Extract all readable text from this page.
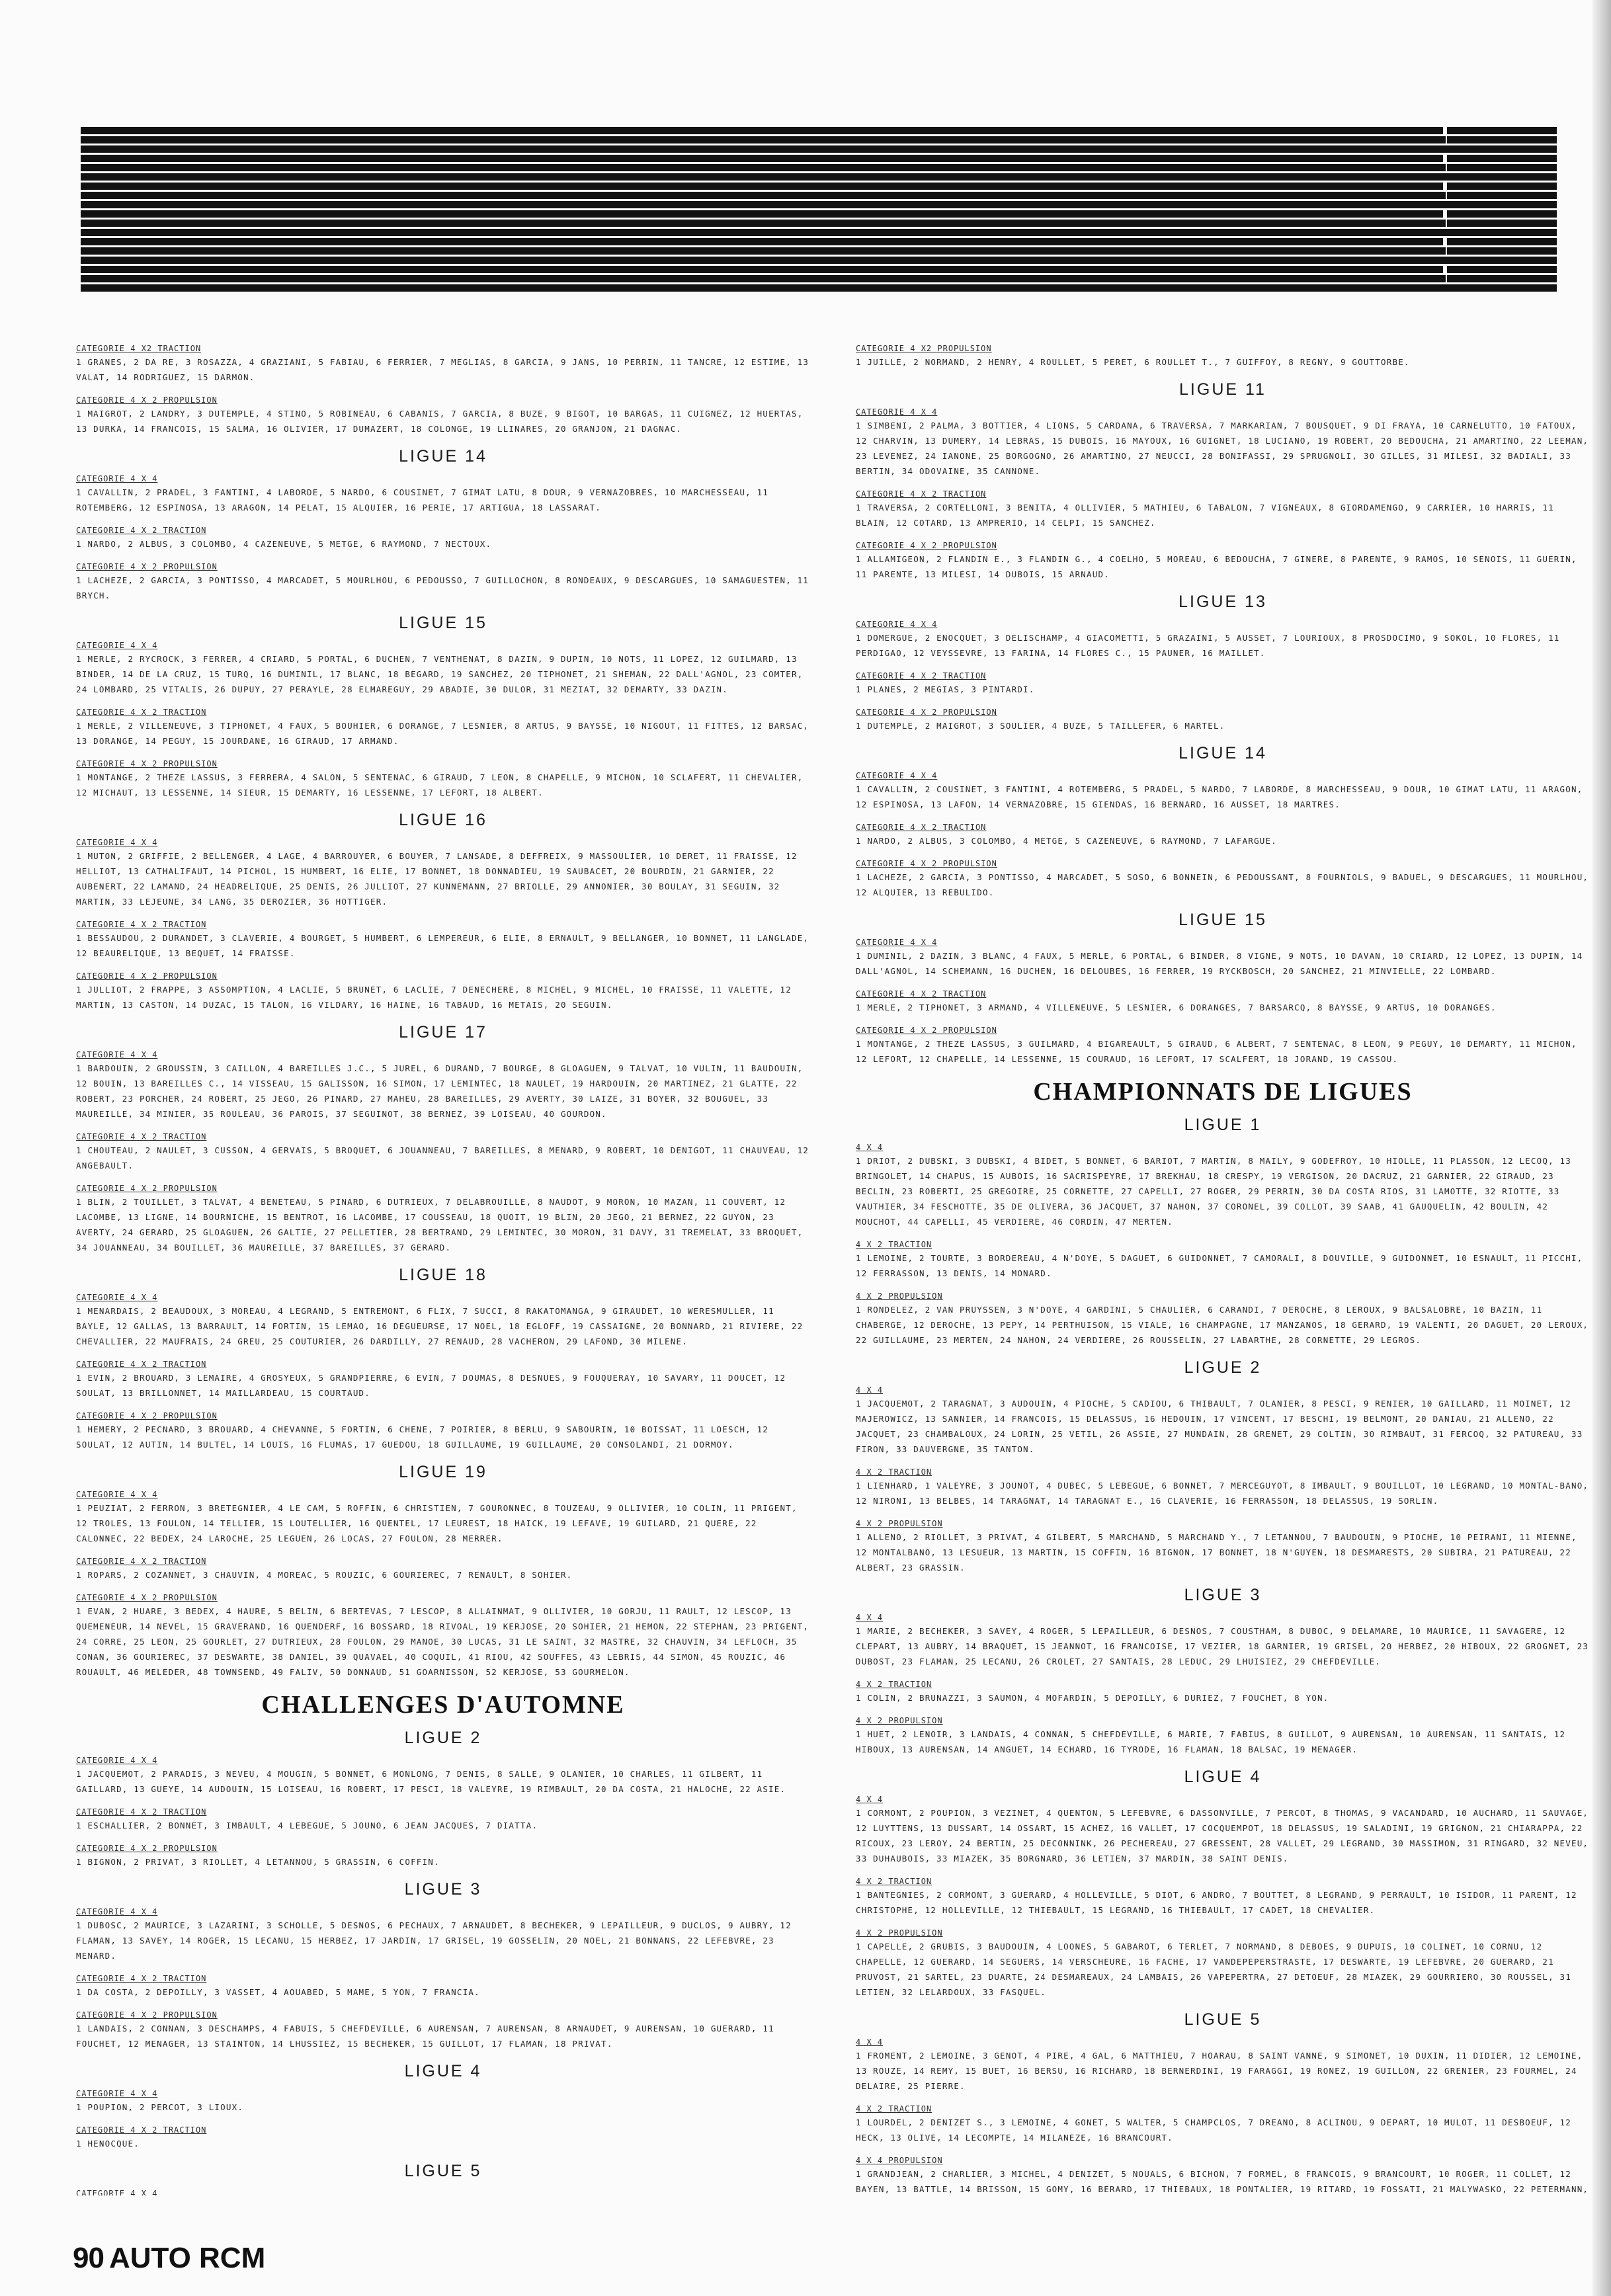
CATEGORIE 4 X2 TRACTION

1 GRANES, 2 DA RE, 3 ROSAZZA, 4 GRAZIANI, 5 FABIAU, 6 FERRIER, 7 MEGLIAS, 8 GARCIA, 9 JANS, 10 PERRIN, 11 TANCRE, 12 ESTIME, 13 VALAT, 14 RODRIGUEZ, 15 DARMON.

CATEGORIE 4 X 2 PROPULSION

1 MAIGROT, 2 LANDRY, 3 DUTEMPLE, 4 STINO, 5 ROBINEAU, 6 CABANIS, 7 GARCIA, 8 BUZE, 9 BIGOT, 10 BARGAS, 11 CUIGNEZ, 12 HUERTAS, 13 DURKA, 14 FRANCOIS, 15 SALMA, 16 OLIVIER, 17 DUMAZERT, 18 COLONGE, 19 LLINARES, 20 GRANJON, 21 DAGNAC.

LIGUE 14
CATEGORIE 4 X 4

1 CAVALLIN, 2 PRADEL, 3 FANTINI, 4 LABORDE, 5 NARDO, 6 COUSINET, 7 GIMAT LATU, 8 DOUR, 9 VERNAZOBRES, 10 MARCHESSEAU, 11 ROTEMBERG, 12 ESPINOSA, 13 ARAGON, 14 PELAT, 15 ALQUIER, 16 PERIE, 17 ARTIGUA, 18 LASSARAT.

CATEGORIE 4 X 2 TRACTION

1 NARDO, 2 ALBUS, 3 COLOMBO, 4 CAZENEUVE, 5 METGE, 6 RAYMOND, 7 NECTOUX.

CATEGORIE 4 X 2 PROPULSION

1 LACHEZE, 2 GARCIA, 3 PONTISSO, 4 MARCADET, 5 MOURLHOU, 6 PEDOUSSO, 7 GUILLOCHON, 8 RONDEAUX, 9 DESCARGUES, 10 SAMAGUESTEN, 11 BRYCH.

LIGUE 15
CATEGORIE 4 X 4

1 MERLE, 2 RYCROCK, 3 FERRER, 4 CRIARD, 5 PORTAL, 6 DUCHEN, 7 VENTHENAT, 8 DAZIN, 9 DUPIN, 10 NOTS, 11 LOPEZ, 12 GUILMARD, 13 BINDER, 14 DE LA CRUZ, 15 TURQ, 16 DUMINIL, 17 BLANC, 18 BEGARD, 19 SANCHEZ, 20 TIPHONET, 21 SHEMAN, 22 DALL'AGNOL, 23 COMTER, 24 LOMBARD, 25 VITALIS, 26 DUPUY, 27 PERAYLE, 28 ELMAREGUY, 29 ABADIE, 30 DULOR, 31 MEZIAT, 32 DEMARTY, 33 DAZIN.

CATEGORIE 4 X 2 TRACTION

1 MERLE, 2 VILLENEUVE, 3 TIPHONET, 4 FAUX, 5 BOUHIER, 6 DORANGE, 7 LESNIER, 8 ARTUS, 9 BAYSSE, 10 NIGOUT, 11 FITTES, 12 BARSAC, 13 DORANGE, 14 PEGUY, 15 JOURDANE, 16 GIRAUD, 17 ARMAND.

CATEGORIE 4 X 2 PROPULSION

1 MONTANGE, 2 THEZE LASSUS, 3 FERRERA, 4 SALON, 5 SENTENAC, 6 GIRAUD, 7 LEON, 8 CHAPELLE, 9 MICHON, 10 SCLAFERT, 11 CHEVALIER, 12 MICHAUT, 13 LESSENNE, 14 SIEUR, 15 DEMARTY, 16 LESSENNE, 17 LEFORT, 18 ALBERT.

LIGUE 16
CATEGORIE 4 X 4

1 MUTON, 2 GRIFFIE, 2 BELLENGER, 4 LAGE, 4 BARROUYER, 6 BOUYER, 7 LANSADE, 8 DEFFREIX, 9 MASSOULIER, 10 DERET, 11 FRAISSE, 12 HELLIOT, 13 CATHALIFAUT, 14 PICHOL, 15 HUMBERT, 16 ELIE, 17 BONNET, 18 DONNADIEU, 19 SAUBACET, 20 BOURDIN, 21 GARNIER, 22 AUBENERT, 22 LAMAND, 24 HEADRELIQUE, 25 DENIS, 26 JULLIOT, 27 KUNNEMANN, 27 BRIOLLE, 29 ANNONIER, 30 BOULAY, 31 SEGUIN, 32 MARTIN, 33 LEJEUNE, 34 LANG, 35 DEROZIER, 36 HOTTIGER.

CATEGORIE 4 X 2 TRACTION

1 BESSAUDOU, 2 DURANDET, 3 CLAVERIE, 4 BOURGET, 5 HUMBERT, 6 LEMPEREUR, 6 ELIE, 8 ERNAULT, 9 BELLANGER, 10 BONNET, 11 LANGLADE, 12 BEAURELIQUE, 13 BEQUET, 14 FRAISSE.

CATEGORIE 4 X 2 PROPULSION

1 JULLIOT, 2 FRAPPE, 3 ASSOMPTION, 4 LACLIE, 5 BRUNET, 6 LACLIE, 7 DENECHERE, 8 MICHEL, 9 MICHEL, 10 FRAISSE, 11 VALETTE, 12 MARTIN, 13 CASTON, 14 DUZAC, 15 TALON, 16 VILDARY, 16 HAINE, 16 TABAUD, 16 METAIS, 20 SEGUIN.

LIGUE 17
CATEGORIE 4 X 4

1 BARDOUIN, 2 GROUSSIN, 3 CAILLON, 4 BAREILLES J.C., 5 JUREL, 6 DURAND, 7 BOURGE, 8 GLOAGUEN, 9 TALVAT, 10 VULIN, 11 BAUDOUIN, 12 BOUIN, 13 BAREILLES C., 14 VISSEAU, 15 GALISSON, 16 SIMON, 17 LEMINTEC, 18 NAULET, 19 HARDOUIN, 20 MARTINEZ, 21 GLATTE, 22 ROBERT, 23 PORCHER, 24 ROBERT, 25 JEGO, 26 PINARD, 27 MAHEU, 28 BAREILLES, 29 AVERTY, 30 LAIZE, 31 BOYER, 32 BOUGUEL, 33 MAUREILLE, 34 MINIER, 35 ROULEAU, 36 PAROIS, 37 SEGUINOT, 38 BERNEZ, 39 LOISEAU, 40 GOURDON.

CATEGORIE 4 X 2 TRACTION

1 CHOUTEAU, 2 NAULET, 3 CUSSON, 4 GERVAIS, 5 BROQUET, 6 JOUANNEAU, 7 BAREILLES, 8 MENARD, 9 ROBERT, 10 DENIGOT, 11 CHAUVEAU, 12 ANGEBAULT.

CATEGORIE 4 X 2 PROPULSION

1 BLIN, 2 TOUILLET, 3 TALVAT, 4 BENETEAU, 5 PINARD, 6 DUTRIEUX, 7 DELABROUILLE, 8 NAUDOT, 9 MORON, 10 MAZAN, 11 COUVERT, 12 LACOMBE, 13 LIGNE, 14 BOURNICHE, 15 BENTROT, 16 LACOMBE, 17 COUSSEAU, 18 QUOIT, 19 BLIN, 20 JEGO, 21 BERNEZ, 22 GUYON, 23 AVERTY, 24 GERARD, 25 GLOAGUEN, 26 GALTIE, 27 PELLETIER, 28 BERTRAND, 29 LEMINTEC, 30 MORON, 31 DAVY, 31 TREMELAT, 33 BROQUET, 34 JOUANNEAU, 34 BOUILLET, 36 MAUREILLE, 37 BAREILLES, 37 GERARD.

LIGUE 18
CATEGORIE 4 X 4

1 MENARDAIS, 2 BEAUDOUX, 3 MOREAU, 4 LEGRAND, 5 ENTREMONT, 6 FLIX, 7 SUCCI, 8 RAKATOMANGA, 9 GIRAUDET, 10 WERESMULLER, 11 BAYLE, 12 GALLAS, 13 BARRAULT, 14 FORTIN, 15 LEMAO, 16 DEGUEURSE, 17 NOEL, 18 EGLOFF, 19 CASSAIGNE, 20 BONNARD, 21 RIVIERE, 22 CHEVALLIER, 22 MAUFRAIS, 24 GREU, 25 COUTURIER, 26 DARDILLY, 27 RENAUD, 28 VACHERON, 29 LAFOND, 30 MILENE.

CATEGORIE 4 X 2 TRACTION

1 EVIN, 2 BROUARD, 3 LEMAIRE, 4 GROSYEUX, 5 GRANDPIERRE, 6 EVIN, 7 DOUMAS, 8 DESNUES, 9 FOUQUERAY, 10 SAVARY, 11 DOUCET, 12 SOULAT, 13 BRILLONNET, 14 MAILLARDEAU, 15 COURTAUD.

CATEGORIE 4 X 2 PROPULSION

1 HEMERY, 2 PECNARD, 3 BROUARD, 4 CHEVANNE, 5 FORTIN, 6 CHENE, 7 POIRIER, 8 BERLU, 9 SABOURIN, 10 BOISSAT, 11 LOESCH, 12 SOULAT, 12 AUTIN, 14 BULTEL, 14 LOUIS, 16 FLUMAS, 17 GUEDOU, 18 GUILLAUME, 19 GUILLAUME, 20 CONSOLANDI, 21 DORMOY.

LIGUE 19
CATEGORIE 4 X 4

1 PEUZIAT, 2 FERRON, 3 BRETEGNIER, 4 LE CAM, 5 ROFFIN, 6 CHRISTIEN, 7 GOURONNEC, 8 TOUZEAU, 9 OLLIVIER, 10 COLIN, 11 PRIGENT, 12 TROLES, 13 FOULON, 14 TELLIER, 15 LOUTELLIER, 16 QUENTEL, 17 LEUREST, 18 HAICK, 19 LEFAVE, 19 GUILARD, 21 QUERE, 22 CALONNEC, 22 BEDEX, 24 LAROCHE, 25 LEGUEN, 26 LOCAS, 27 FOULON, 28 MERRER.

CATEGORIE 4 X 2 TRACTION

1 ROPARS, 2 COZANNET, 3 CHAUVIN, 4 MOREAC, 5 ROUZIC, 6 GOURIEREC, 7 RENAULT, 8 SOHIER.

CATEGORIE 4 X 2 PROPULSION

1 EVAN, 2 HUARE, 3 BEDEX, 4 HAURE, 5 BELIN, 6 BERTEVAS, 7 LESCOP, 8 ALLAINMAT, 9 OLLIVIER, 10 GORJU, 11 RAULT, 12 LESCOP, 13 QUEMENEUR, 14 NEVEL, 15 GRAVERAND, 16 QUENDERF, 16 BOSSARD, 18 RIVOAL, 19 KERJOSE, 20 SOHIER, 21 HEMON, 22 STEPHAN, 23 PRIGENT, 24 CORRE, 25 LEON, 25 GOURLET, 27 DUTRIEUX, 28 FOULON, 29 MANOE, 30 LUCAS, 31 LE SAINT, 32 MASTRE, 32 CHAUVIN, 34 LEFLOCH, 35 CONAN, 36 GOURIEREC, 37 DESWARTE, 38 DANIEL, 39 QUAVAEL, 40 COQUIL, 41 RIOU, 42 SOUFFES, 43 LEBRIS, 44 SIMON, 45 ROUZIC, 46 ROUAULT, 46 MELEDER, 48 TOWNSEND, 49 FALIV, 50 DONNAUD, 51 GOARNISSON, 52 KERJOSE, 53 GOURMELON.

CHALLENGES D'AUTOMNE
LIGUE 2
CATEGORIE 4 X 4

1 JACQUEMOT, 2 PARADIS, 3 NEVEU, 4 MOUGIN, 5 BONNET, 6 MONLONG, 7 DENIS, 8 SALLE, 9 OLANIER, 10 CHARLES, 11 GILBERT, 11 GAILLARD, 13 GUEYE, 14 AUDOUIN, 15 LOISEAU, 16 ROBERT, 17 PESCI, 18 VALEYRE, 19 RIMBAULT, 20 DA COSTA, 21 HALOCHE, 22 ASIE.

CATEGORIE 4 X 2 TRACTION

1 ESCHALLIER, 2 BONNET, 3 IMBAULT, 4 LEBEGUE, 5 JOUNO, 6 JEAN JACQUES, 7 DIATTA.

CATEGORIE 4 X 2 PROPULSION

1 BIGNON, 2 PRIVAT, 3 RIOLLET, 4 LETANNOU, 5 GRASSIN, 6 COFFIN.

LIGUE 3
CATEGORIE 4 X 4

1 DUBOSC, 2 MAURICE, 3 LAZARINI, 3 SCHOLLE, 5 DESNOS, 6 PECHAUX, 7 ARNAUDET, 8 BECHEKER, 9 LEPAILLEUR, 9 DUCLOS, 9 AUBRY, 12 FLAMAN, 13 SAVEY, 14 ROGER, 15 LECANU, 15 HERBEZ, 17 JARDIN, 17 GRISEL, 19 GOSSELIN, 20 NOEL, 21 BONNANS, 22 LEFEBVRE, 23 MENARD.

CATEGORIE 4 X 2 TRACTION

1 DA COSTA, 2 DEPOILLY, 3 VASSET, 4 AOUABED, 5 MAME, 5 YON, 7 FRANCIA.

CATEGORIE 4 X 2 PROPULSION

1 LANDAIS, 2 CONNAN, 3 DESCHAMPS, 4 FABUIS, 5 CHEFDEVILLE, 6 AURENSAN, 7 AURENSAN, 8 ARNAUDET, 9 AURENSAN, 10 GUERARD, 11 FOUCHET, 12 MENAGER, 13 STAINTON, 14 LHUSSIEZ, 15 BECHEKER, 15 GUILLOT, 17 FLAMAN, 18 PRIVAT.

LIGUE 4
CATEGORIE 4 X 4

1 POUPION, 2 PERCOT, 3 LIOUX.

CATEGORIE 4 X 2 TRACTION

1 HENOCQUE.

LIGUE 5
CATEGORIE 4 X 4

CATEGORIE 4 X2 PROPULSION

1 JUILLE, 2 NORMAND, 2 HENRY, 4 ROULLET, 5 PERET, 6 ROULLET T., 7 GUIFFOY, 8 REGNY, 9 GOUTTORBE.

LIGUE 11
CATEGORIE 4 X 4

1 SIMBENI, 2 PALMA, 3 BOTTIER, 4 LIONS, 5 CARDANA, 6 TRAVERSA, 7 MARKARIAN, 7 BOUSQUET, 9 DI FRAYA, 10 CARNELUTTO, 10 FATOUX, 12 CHARVIN, 13 DUMERY, 14 LEBRAS, 15 DUBOIS, 16 MAYOUX, 16 GUIGNET, 18 LUCIANO, 19 ROBERT, 20 BEDOUCHA, 21 AMARTINO, 22 LEEMAN, 23 LEVENEZ, 24 IANONE, 25 BORGOGNO, 26 AMARTINO, 27 NEUCCI, 28 BONIFASSI, 29 SPRUGNOLI, 30 GILLES, 31 MILESI, 32 BADIALI, 33 BERTIN, 34 ODOVAINE, 35 CANNONE.

CATEGORIE 4 X 2 TRACTION

1 TRAVERSA, 2 CORTELLONI, 3 BENITA, 4 OLLIVIER, 5 MATHIEU, 6 TABALON, 7 VIGNEAUX, 8 GIORDAMENGO, 9 CARRIER, 10 HARRIS, 11 BLAIN, 12 COTARD, 13 AMPRERIO, 14 CELPI, 15 SANCHEZ.

CATEGORIE 4 X 2 PROPULSION

1 ALLAMIGEON, 2 FLANDIN E., 3 FLANDIN G., 4 COELHO, 5 MOREAU, 6 BEDOUCHA, 7 GINERE, 8 PARENTE, 9 RAMOS, 10 SENOIS, 11 GUERIN, 11 PARENTE, 13 MILESI, 14 DUBOIS, 15 ARNAUD.

LIGUE 13
CATEGORIE 4 X 4

1 DOMERGUE, 2 ENOCQUET, 3 DELISCHAMP, 4 GIACOMETTI, 5 GRAZAINI, 5 AUSSET, 7 LOURIOUX, 8 PROSDOCIMO, 9 SOKOL, 10 FLORES, 11 PERDIGAO, 12 VEYSSEVRE, 13 FARINA, 14 FLORES C., 15 PAUNER, 16 MAILLET.

CATEGORIE 4 X 2 TRACTION

1 PLANES, 2 MEGIAS, 3 PINTARDI.

CATEGORIE 4 X 2 PROPULSION

1 DUTEMPLE, 2 MAIGROT, 3 SOULIER, 4 BUZE, 5 TAILLEFER, 6 MARTEL.

LIGUE 14
CATEGORIE 4 X 4

1 CAVALLIN, 2 COUSINET, 3 FANTINI, 4 ROTEMBERG, 5 PRADEL, 5 NARDO, 7 LABORDE, 8 MARCHESSEAU, 9 DOUR, 10 GIMAT LATU, 11 ARAGON, 12 ESPINOSA, 13 LAFON, 14 VERNAZOBRE, 15 GIENDAS, 16 BERNARD, 16 AUSSET, 18 MARTRES.

CATEGORIE 4 X 2 TRACTION

1 NARDO, 2 ALBUS, 3 COLOMBO, 4 METGE, 5 CAZENEUVE, 6 RAYMOND, 7 LAFARGUE.

CATEGORIE 4 X 2 PROPULSION

1 LACHEZE, 2 GARCIA, 3 PONTISSO, 4 MARCADET, 5 SOSO, 6 BONNEIN, 6 PEDOUSSANT, 8 FOURNIOLS, 9 BADUEL, 9 DESCARGUES, 11 MOURLHOU, 12 ALQUIER, 13 REBULIDO.

LIGUE 15
CATEGORIE 4 X 4

1 DUMINIL, 2 DAZIN, 3 BLANC, 4 FAUX, 5 MERLE, 6 PORTAL, 6 BINDER, 8 VIGNE, 9 NOTS, 10 DAVAN, 10 CRIARD, 12 LOPEZ, 13 DUPIN, 14 DALL'AGNOL, 14 SCHEMANN, 16 DUCHEN, 16 DELOUBES, 16 FERRER, 19 RYCKBOSCH, 20 SANCHEZ, 21 MINVIELLE, 22 LOMBARD.

CATEGORIE 4 X 2 TRACTION

1 MERLE, 2 TIPHONET, 3 ARMAND, 4 VILLENEUVE, 5 LESNIER, 6 DORANGES, 7 BARSARCQ, 8 BAYSSE, 9 ARTUS, 10 DORANGES.

CATEGORIE 4 X 2 PROPULSION

1 MONTANGE, 2 THEZE LASSUS, 3 GUILMARD, 4 BIGAREAULT, 5 GIRAUD, 6 ALBERT, 7 SENTENAC, 8 LEON, 9 PEGUY, 10 DEMARTY, 11 MICHON, 12 LEFORT, 12 CHAPELLE, 14 LESSENNE, 15 COURAUD, 16 LEFORT, 17 SCALFERT, 18 JORAND, 19 CASSOU.

CHAMPIONNATS DE LIGUES
LIGUE 1
4 X 4

1 DRIOT, 2 DUBSKI, 3 DUBSKI, 4 BIDET, 5 BONNET, 6 BARIOT, 7 MARTIN, 8 MAILY, 9 GODEFROY, 10 HIOLLE, 11 PLASSON, 12 LECOQ, 13 BRINGOLET, 14 CHAPUS, 15 AUBOIS, 16 SACRISPEYRE, 17 BREKHAU, 18 CRESPY, 19 VERGISON, 20 DACRUZ, 21 GARNIER, 22 GIRAUD, 23 BECLIN, 23 ROBERTI, 25 GREGOIRE, 25 CORNETTE, 27 CAPELLI, 27 ROGER, 29 PERRIN, 30 DA COSTA RIOS, 31 LAMOTTE, 32 RIOTTE, 33 VAUTHIER, 34 FESCHOTTE, 35 DE OLIVERA, 36 JACQUET, 37 NAHON, 37 CORONEL, 39 COLLOT, 39 SAAB, 41 GAUQUELIN, 42 BOULIN, 42 MOUCHOT, 44 CAPELLI, 45 VERDIERE, 46 CORDIN, 47 MERTEN.

4 X 2 TRACTION

1 LEMOINE, 2 TOURTE, 3 BORDEREAU, 4 N'DOYE, 5 DAGUET, 6 GUIDONNET, 7 CAMORALI, 8 DOUVILLE, 9 GUIDONNET, 10 ESNAULT, 11 PICCHI, 12 FERRASSON, 13 DENIS, 14 MONARD.

4 X 2 PROPULSION

1 RONDELEZ, 2 VAN PRUYSSEN, 3 N'DOYE, 4 GARDINI, 5 CHAULIER, 6 CARANDI, 7 DEROCHE, 8 LEROUX, 9 BALSALOBRE, 10 BAZIN, 11 CHABERGE, 12 DEROCHE, 13 PEPY, 14 PERTHUISON, 15 VIALE, 16 CHAMPAGNE, 17 MANZANOS, 18 GERARD, 19 VALENTI, 20 DAGUET, 20 LEROUX, 22 GUILLAUME, 23 MERTEN, 24 NAHON, 24 VERDIERE, 26 ROUSSELIN, 27 LABARTHE, 28 CORNETTE, 29 LEGROS.

LIGUE 2
4 X 4

1 JACQUEMOT, 2 TARAGNAT, 3 AUDOUIN, 4 PIOCHE, 5 CADIOU, 6 THIBAULT, 7 OLANIER, 8 PESCI, 9 RENIER, 10 GAILLARD, 11 MOINET, 12 MAJEROWICZ, 13 SANNIER, 14 FRANCOIS, 15 DELASSUS, 16 HEDOUIN, 17 VINCENT, 17 BESCHI, 19 BELMONT, 20 DANIAU, 21 ALLENO, 22 JACQUET, 23 CHAMBALOUX, 24 LORIN, 25 VETIL, 26 ASSIE, 27 MUNDAIN, 28 GRENET, 29 COLTIN, 30 RIMBAUT, 31 FERCOQ, 32 PATUREAU, 33 FIRON, 33 DAUVERGNE, 35 TANTON.

4 X 2 TRACTION

1 LIENHARD, 1 VALEYRE, 3 JOUNOT, 4 DUBEC, 5 LEBEGUE, 6 BONNET, 7 MERCEGUYOT, 8 IMBAULT, 9 BOUILLOT, 10 LEGRAND, 10 MONTAL-BANO, 12 NIRONI, 13 BELBES, 14 TARAGNAT, 14 TARAGNAT E., 16 CLAVERIE, 16 FERRASSON, 18 DELASSUS, 19 SORLIN.

4 X 2 PROPULSION

1 ALLENO, 2 RIOLLET, 3 PRIVAT, 4 GILBERT, 5 MARCHAND, 5 MARCHAND Y., 7 LETANNOU, 7 BAUDOUIN, 9 PIOCHE, 10 PEIRANI, 11 MIENNE, 12 MONTALBANO, 13 LESUEUR, 13 MARTIN, 15 COFFIN, 16 BIGNON, 17 BONNET, 18 N'GUYEN, 18 DESMARESTS, 20 SUBIRA, 21 PATUREAU, 22 ALBERT, 23 GRASSIN.

LIGUE 3
4 X 4

1 MARIE, 2 BECHEKER, 3 SAVEY, 4 ROGER, 5 LEPAILLEUR, 6 DESNOS, 7 COUSTHAM, 8 DUBOC, 9 DELAMARE, 10 MAURICE, 11 SAVAGERE, 12 CLEPART, 13 AUBRY, 14 BRAQUET, 15 JEANNOT, 16 FRANCOISE, 17 VEZIER, 18 GARNIER, 19 GRISEL, 20 HERBEZ, 20 HIBOUX, 22 GROGNET, 23 DUBOST, 23 FLAMAN, 25 LECANU, 26 CROLET, 27 SANTAIS, 28 LEDUC, 29 LHUISIEZ, 29 CHEFDEVILLE.

4 X 2 TRACTION

1 COLIN, 2 BRUNAZZI, 3 SAUMON, 4 MOFARDIN, 5 DEPOILLY, 6 DURIEZ, 7 FOUCHET, 8 YON.

4 X 2 PROPULSION

1 HUET, 2 LENOIR, 3 LANDAIS, 4 CONNAN, 5 CHEFDEVILLE, 6 MARIE, 7 FABIUS, 8 GUILLOT, 9 AURENSAN, 10 AURENSAN, 11 SANTAIS, 12 HIBOUX, 13 AURENSAN, 14 ANGUET, 14 ECHARD, 16 TYRODE, 16 FLAMAN, 18 BALSAC, 19 MENAGER.

LIGUE 4
4 X 4

1 CORMONT, 2 POUPION, 3 VEZINET, 4 QUENTON, 5 LEFEBVRE, 6 DASSONVILLE, 7 PERCOT, 8 THOMAS, 9 VACANDARD, 10 AUCHARD, 11 SAUVAGE, 12 LUYTTENS, 13 DUSSART, 14 OSSART, 15 ACHEZ, 16 VALLET, 17 COCQUEMPOT, 18 DELASSUS, 19 SALADINI, 19 GRIGNON, 21 CHIARAPPA, 22 RICOUX, 23 LEROY, 24 BERTIN, 25 DECONNINK, 26 PECHEREAU, 27 GRESSENT, 28 VALLET, 29 LEGRAND, 30 MASSIMON, 31 RINGARD, 32 NEVEU, 33 DUHAUBOIS, 33 MIAZEK, 35 BORGNARD, 36 LETIEN, 37 MARDIN, 38 SAINT DENIS.

4 X 2 TRACTION

1 BANTEGNIES, 2 CORMONT, 3 GUERARD, 4 HOLLEVILLE, 5 DIOT, 6 ANDRO, 7 BOUTTET, 8 LEGRAND, 9 PERRAULT, 10 ISIDOR, 11 PARENT, 12 CHRISTOPHE, 12 HOLLEVILLE, 12 THIEBAULT, 15 LEGRAND, 16 THIEBAULT, 17 CADET, 18 CHEVALIER.

4 X 2 PROPULSION

1 CAPELLE, 2 GRUBIS, 3 BAUDOUIN, 4 LOONES, 5 GABAROT, 6 TERLET, 7 NORMAND, 8 DEBOES, 9 DUPUIS, 10 COLINET, 10 CORNU, 12 CHAPELLE, 12 GUERARD, 14 SEGUERS, 14 VERSCHEURE, 16 FACHE, 17 VANDEPEPERSTRASTE, 17 DESWARTE, 19 LEFEBVRE, 20 GUERARD, 21 PRUVOST, 21 SARTEL, 23 DUARTE, 24 DESMAREAUX, 24 LAMBAIS, 26 VAPEPERTRA, 27 DETOEUF, 28 MIAZEK, 29 GOURRIERO, 30 ROUSSEL, 31 LETIEN, 32 LELARDOUX, 33 FASQUEL.

LIGUE 5
4 X 4

1 FROMENT, 2 LEMOINE, 3 GENOT, 4 PIRE, 4 GAL, 6 MATTHIEU, 7 HOARAU, 8 SAINT VANNE, 9 SIMONET, 10 DUXIN, 11 DIDIER, 12 LEMOINE, 13 ROUZE, 14 REMY, 15 BUET, 16 BERSU, 16 RICHARD, 18 BERNERDINI, 19 FARAGGI, 19 RONEZ, 19 GUILLON, 22 GRENIER, 23 FOURMEL, 24 DELAIRE, 25 PIERRE.

4 X 2 TRACTION

1 LOURDEL, 2 DENIZET S., 3 LEMOINE, 4 GONET, 5 WALTER, 5 CHAMPCLOS, 7 DREANO, 8 ACLINOU, 9 DEPART, 10 MULOT, 11 DESBOEUF, 12 HECK, 13 OLIVE, 14 LECOMPTE, 14 MILANEZE, 16 BRANCOURT.

4 X 4 PROPULSION

1 GRANDJEAN, 2 CHARLIER, 3 MICHEL, 4 DENIZET, 5 NOUALS, 6 BICHON, 7 FORMEL, 8 FRANCOIS, 9 BRANCOURT, 10 ROGER, 11 COLLET, 12 BAYEN, 13 BATTLE, 14 BRISSON, 15 GOMY, 16 BERARD, 17 THIEBAUX, 18 PONTALIER, 19 RITARD, 19 FOSSATI, 21 MALYWASKO, 22 PETERMANN,

90 AUTO RCM
